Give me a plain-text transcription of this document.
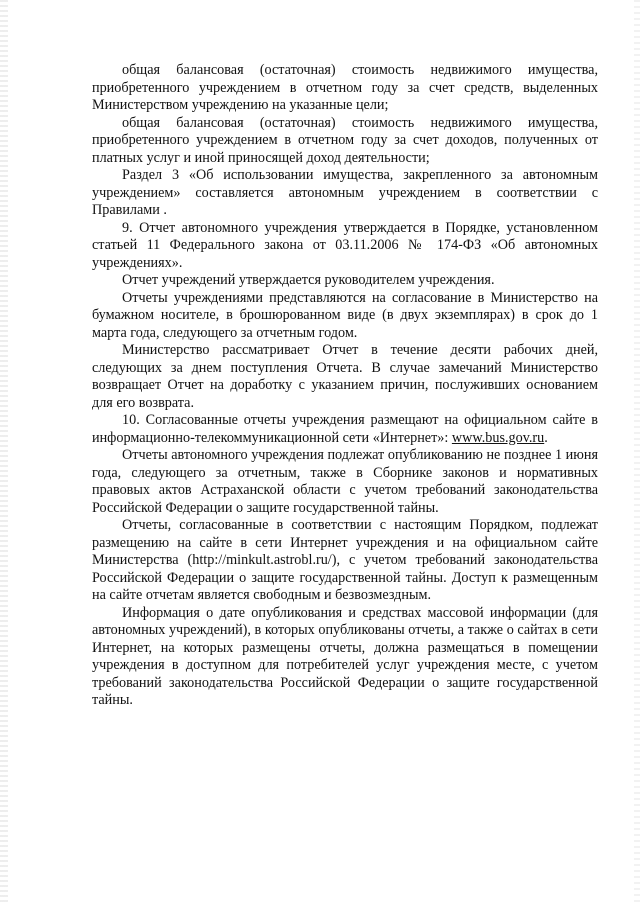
общая балансовая (остаточная) стоимость недвижимого имущества, приобретенного учреждением в отчетном году за счет средств, выделенных Министерством учреждению на указанные цели;

общая балансовая (остаточная) стоимость недвижимого имущества, приобретенного учреждением в отчетном году за счет доходов, полученных от платных услуг и иной приносящей доход деятельности;

Раздел 3 «Об использовании имущества, закрепленного за автономным учреждением» составляется автономным учреждением в соответствии с Правилами .

9. Отчет автономного учреждения утверждается в Порядке, установленном статьей 11 Федерального закона от 03.11.2006 № 174-ФЗ «Об автономных учреждениях».

Отчет учреждений утверждается руководителем учреждения.

Отчеты учреждениями представляются на согласование в Министерство на бумажном носителе, в брошюрованном виде (в двух экземплярах) в срок до 1 марта года, следующего за отчетным годом.

Министерство рассматривает Отчет в течение десяти рабочих дней, следующих за днем поступления Отчета. В случае замечаний Министерство возвращает Отчет на доработку с указанием причин, послуживших основанием для его возврата.

10. Согласованные отчеты учреждения размещают на официальном сайте в информационно-телекоммуникационной сети «Интернет»: www.bus.gov.ru.

Отчеты автономного учреждения подлежат опубликованию не позднее 1 июня года, следующего за отчетным, также в Сборнике законов и нормативных правовых актов Астраханской области с учетом требований законодательства Российской Федерации о защите государственной тайны.

Отчеты, согласованные в соответствии с настоящим Порядком, подлежат размещению на сайте в сети Интернет учреждения и на официальном сайте Министерства (http://minkult.astrobl.ru/), с учетом требований законодательства Российской Федерации о защите государственной тайны. Доступ к размещенным на сайте отчетам является свободным и безвозмездным.

Информация о дате опубликования и средствах массовой информации (для автономных учреждений), в которых опубликованы отчеты, а также о сайтах в сети Интернет, на которых размещены отчеты, должна размещаться в помещении учреждения в доступном для потребителей услуг учреждения месте, с учетом требований законодательства Российской Федерации о защите государственной тайны.
